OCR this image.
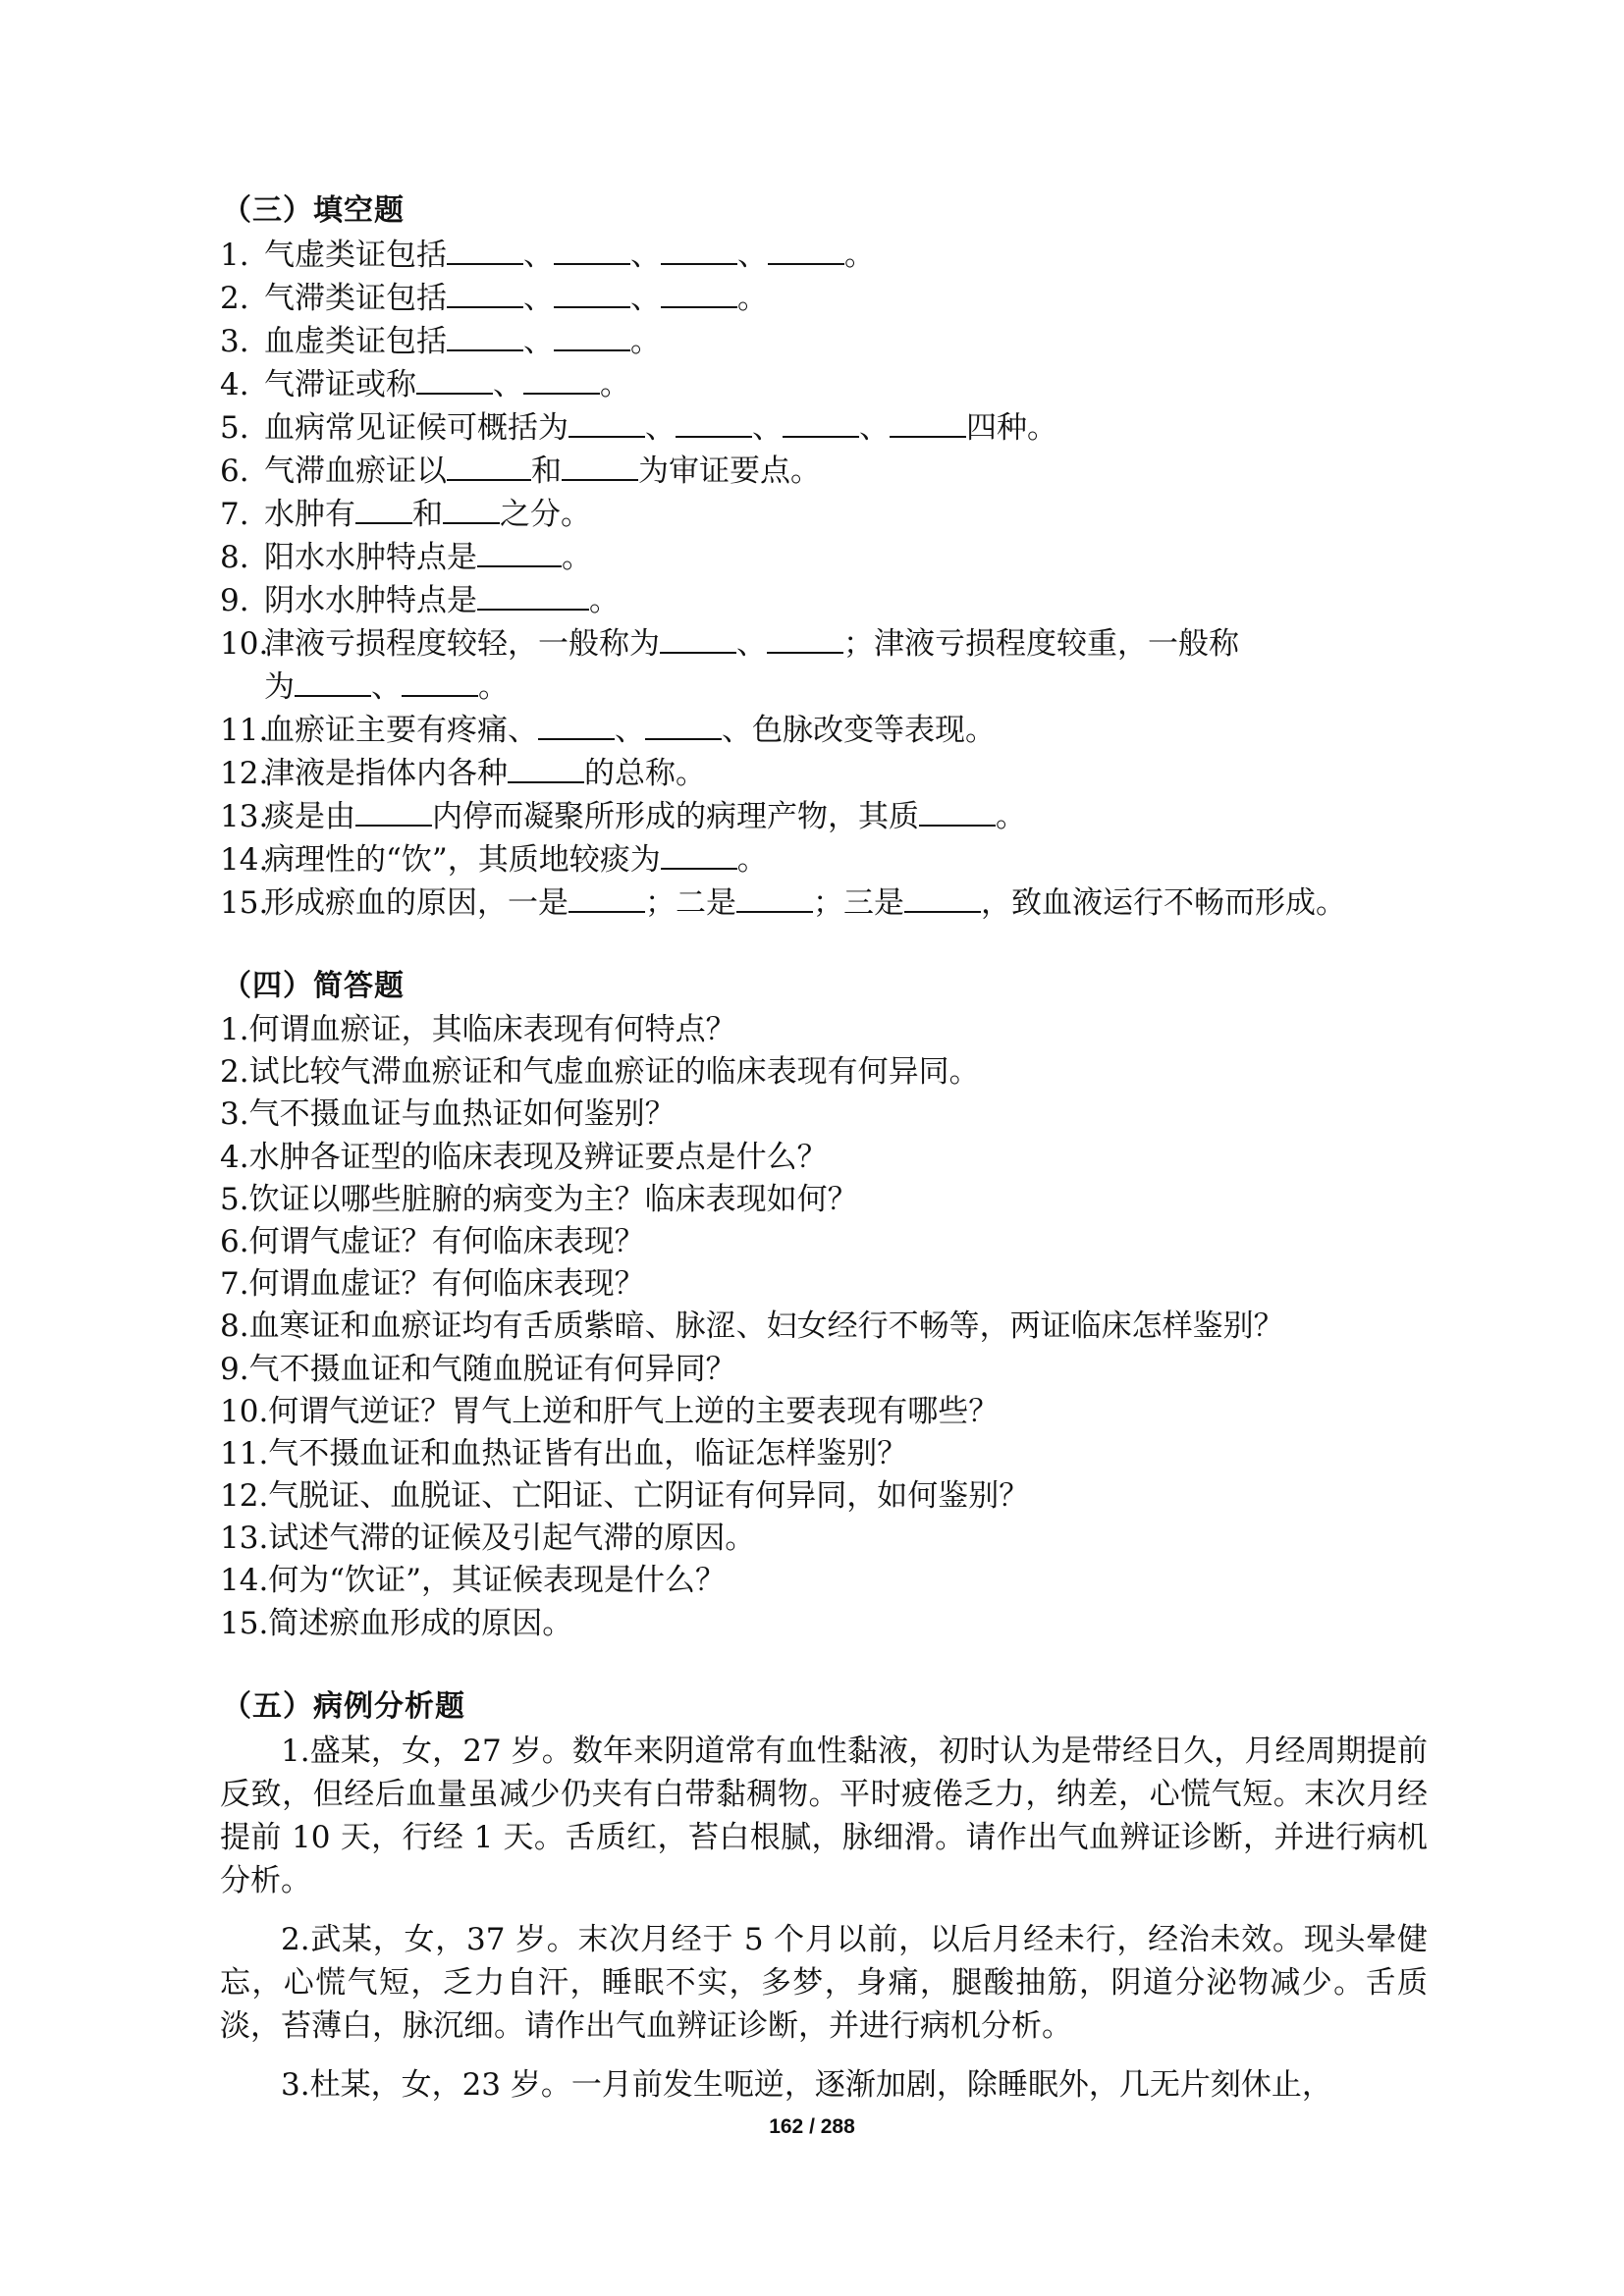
（三）填空题
1. 气虚类证包括	、	、	、	。
2. 气滞类证包括	、	、	。
3. 血虚类证包括	、	。
4. 气滞证或称	、	。
5. 血病常见证候可概括为	、	、	、	四种。
6. 气滞血瘀证以	和	为审证要点。
7. 水肿有 和 之分。
8. 阳水水肿特点是	。
9. 阴水水肿特点是	。
10.津液亏损程度较轻，一般称为	、	；津液亏损程度较重，一般称
为	、	。
11.血瘀证主要有疼痛、	、	、色脉改变等表现。
12.津液是指体内各种	的总称。
13.痰是由	内停而凝聚所形成的病理产物，其质	。
14.病理性的“饮”，其质地较痰为	。
15.形成瘀血的原因，一是	；二是	；三是	，致血液运行不畅而形成。
（四）简答题
1.何谓血瘀证，其临床表现有何特点？
2.试比较气滞血瘀证和气虚血瘀证的临床表现有何异同。
3.气不摄血证与血热证如何鉴别？
4.水肿各证型的临床表现及辨证要点是什么？
5.饮证以哪些脏腑的病变为主？临床表现如何？
6.何谓气虚证？有何临床表现？
7.何谓血虚证？有何临床表现？
8.血寒证和血瘀证均有舌质紫暗、脉涩、妇女经行不畅等，两证临床怎样鉴别？
9.气不摄血证和气随血脱证有何异同？
10.何谓气逆证？胃气上逆和肝气上逆的主要表现有哪些？
11.气不摄血证和血热证皆有出血，临证怎样鉴别？
12.气脱证、血脱证、亡阳证、亡阴证有何异同，如何鉴别？
13.试述气滞的证候及引起气滞的原因。
14.何为“饮证”，其证候表现是什么？
15.简述瘀血形成的原因。
（五）病例分析题

1.盛某，女，27 岁。数年来阴道常有血性黏液，初时认为是带经日久，月经周期提前反致，但经后血量虽减少仍夹有白带黏稠物。平时疲倦乏力，纳差，心慌气短。末次月经提前 10 天，行经 1 天。舌质红，苔白根腻，脉细滑。请作出气血辨证诊断，并进行病机分析。

2.武某，女，37 岁。末次月经于 5 个月以前，以后月经未行，经治未效。现头晕健忘，心慌气短，乏力自汗，睡眠不实，多梦，身痛，腿酸抽筋，阴道分泌物减少。舌质淡，苔薄白，脉沉细。请作出气血辨证诊断，并进行病机分析。

3.杜某，女，23 岁。一月前发生呃逆，逐渐加剧，除睡眠外，几无片刻休止，

162 / 288
